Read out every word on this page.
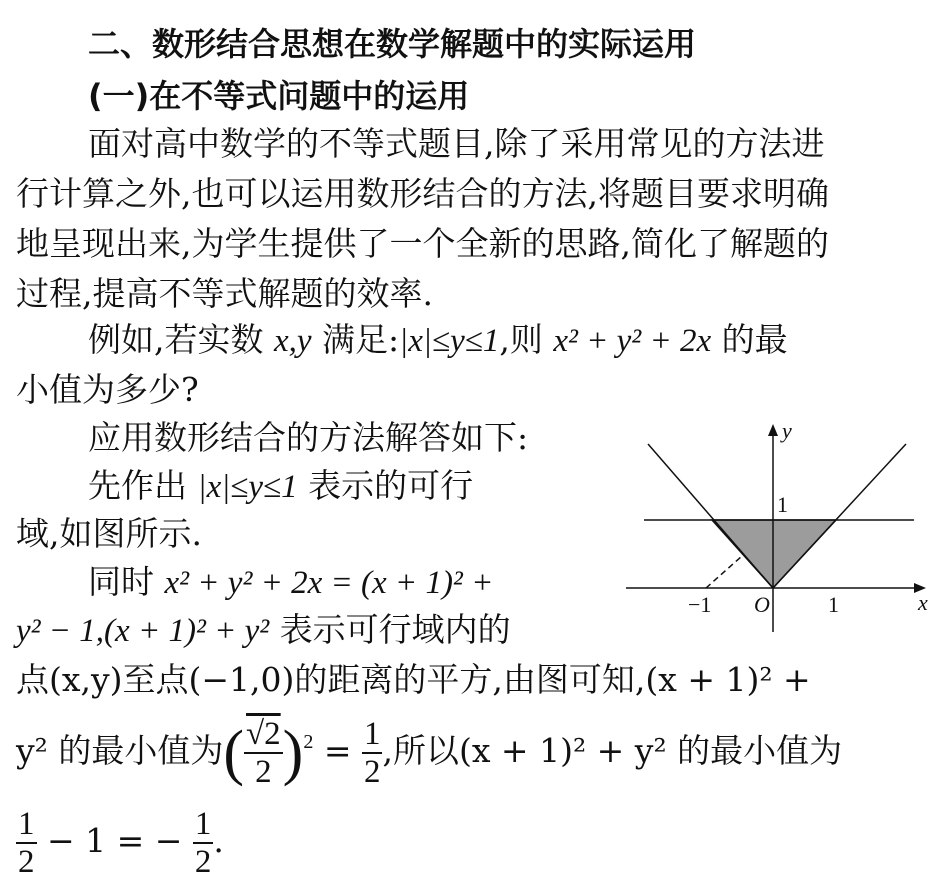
二、数形结合思想在数学解题中的实际运用
(一)在不等式问题中的运用
面对高中数学的不等式题目,除了采用常见的方法进
行计算之外,也可以运用数形结合的方法,将题目要求明确
地呈现出来,为学生提供了一个全新的思路,简化了解题的
过程,提高不等式解题的效率.
例如,若实数 x,y 满足:|x|≤y≤1,则 x² + y² + 2x 的最
小值为多少?
应用数形结合的方法解答如下:
先作出 |x|≤y≤1 表示的可行
域,如图所示.
同时 x² + y² + 2x = (x + 1)² +
y² − 1,(x + 1)² + y² 表示可行域内的
点(x,y)至点(−1,0)的距离的平方,由图可知,(x + 1)² +
y² 的最小值为( $\frac{√2}{2} )^2 = \frac{1}{2}$ ,所以(x + 1)² + y² 的最小值为
$\frac{1}{2} - 1$ = − $\frac{1}{2}$ .
y
x
O
1
1
−1
